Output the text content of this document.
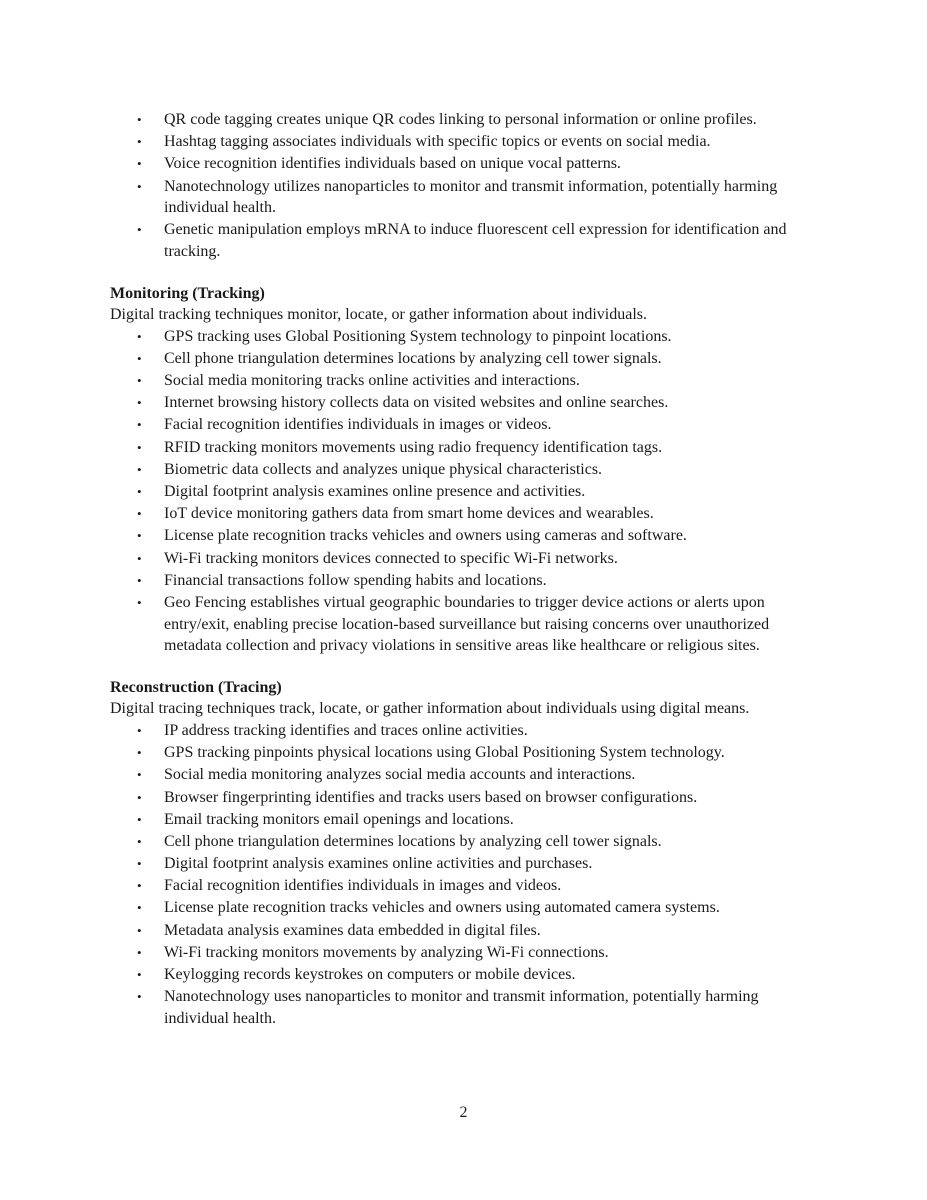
• QR code tagging creates unique QR codes linking to personal information or online profiles.
• Hashtag tagging associates individuals with specific topics or events on social media.
• Voice recognition identifies individuals based on unique vocal patterns.
• Nanotechnology utilizes nanoparticles to monitor and transmit information, potentially harming individual health.
• Genetic manipulation employs mRNA to induce fluorescent cell expression for identification and tracking.
Monitoring (Tracking)

Digital tracking techniques monitor, locate, or gather information about individuals.

• GPS tracking uses Global Positioning System technology to pinpoint locations.
• Cell phone triangulation determines locations by analyzing cell tower signals.
• Social media monitoring tracks online activities and interactions.
• Internet browsing history collects data on visited websites and online searches.
• Facial recognition identifies individuals in images or videos.
• RFID tracking monitors movements using radio frequency identification tags.
• Biometric data collects and analyzes unique physical characteristics.
• Digital footprint analysis examines online presence and activities.
• IoT device monitoring gathers data from smart home devices and wearables.
• License plate recognition tracks vehicles and owners using cameras and software.
• Wi-Fi tracking monitors devices connected to specific Wi-Fi networks.
• Financial transactions follow spending habits and locations.
• Geo Fencing establishes virtual geographic boundaries to trigger device actions or alerts upon entry/exit, enabling precise location-based surveillance but raising concerns over unauthorized metadata collection and privacy violations in sensitive areas like healthcare or religious sites.
Reconstruction (Tracing)

Digital tracing techniques track, locate, or gather information about individuals using digital means.

• IP address tracking identifies and traces online activities.
• GPS tracking pinpoints physical locations using Global Positioning System technology.
• Social media monitoring analyzes social media accounts and interactions.
• Browser fingerprinting identifies and tracks users based on browser configurations.
• Email tracking monitors email openings and locations.
• Cell phone triangulation determines locations by analyzing cell tower signals.
• Digital footprint analysis examines online activities and purchases.
• Facial recognition identifies individuals in images and videos.
• License plate recognition tracks vehicles and owners using automated camera systems.
• Metadata analysis examines data embedded in digital files.
• Wi-Fi tracking monitors movements by analyzing Wi-Fi connections.
• Keylogging records keystrokes on computers or mobile devices.
• Nanotechnology uses nanoparticles to monitor and transmit information, potentially harming individual health.
2
